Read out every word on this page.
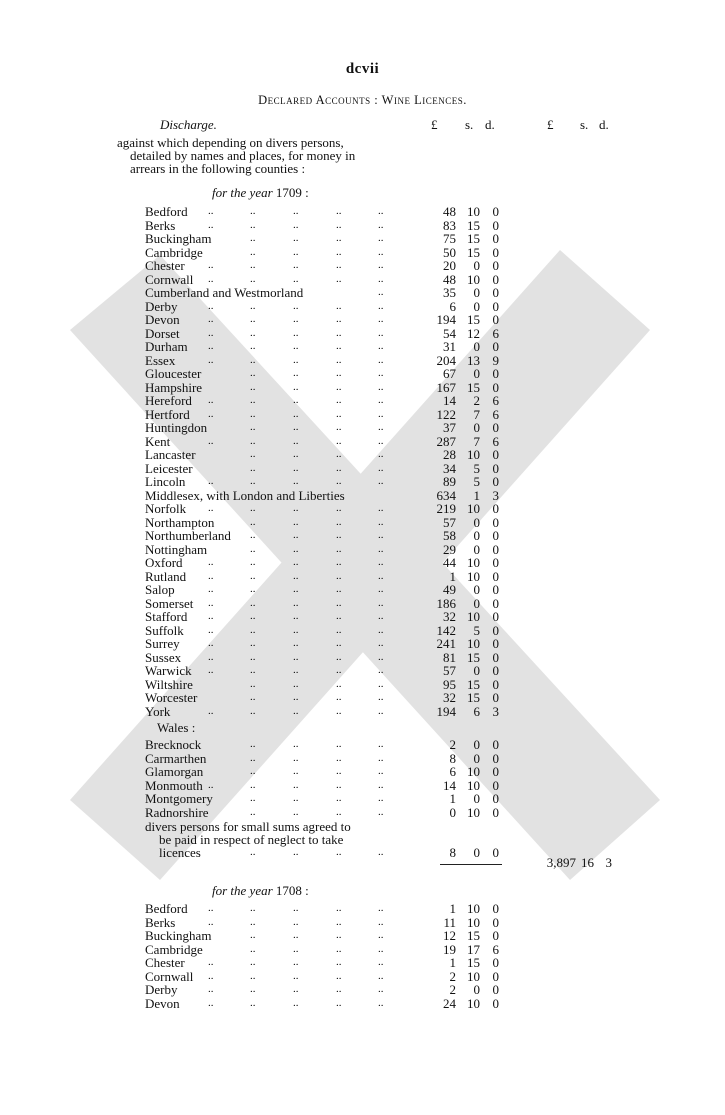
dcvii
Declared Accounts : Wine Licences.
Discharge.	£ s. d.	£ s. d.
against which depending on divers persons,
detailed by names and places, for money in
arrears in the following counties :
for the year 1709 :
Bedford ..	..	..	..	..	48 10 0
Berks	..	..	..	..	..	83 15 0
Buckingham	..	..	..	..	75 15 0
Cambridge	..	..	..	..	50 15 0
Chester ..	..	..	..	..	20	0 0
Cornwall ..	..	..	..	..	48 10 0
Cumberland and Westmorland	..	35	0 0
Derby	..	..	..	..	..	6	0 0
Devon	..	..	..	..	..	194 15 0
Dorset	..	..	..	..	..	54 12 6
Durham ..	..	..	..	..	31	0 0
Essex	..	..	..	..	..	204 13 9
Gloucester	..	..	..	..	67	0 0
Hampshire	..	..	..	..	167 15 0
Hereford ..	..	..	..	..	14	2 6
Hertford ..	..	..	..	..	122	7 6
Huntingdon	..	..	..	..	37	0 0
Kent	..	..	..	..	..	287	7 6
Lancaster	..	..	..	..	28 10 0
Leicester	..	..	..	..	34	5 0
Lincoln ..	..	..	..	..	89	5 0
Middlesex, with London and Liberties	634	1 3
Norfolk ..	..	..	..	..	219 10 0
Northampton	..	..	..	..	57	0 0
Northumberland ..	..	..	..	58	0 0
Nottingham	..	..	..	..	29	0 0
Oxford ..	..	..	..	..	44 10 0
Rutland ..	..	..	..	..	1 10 0
Salop	..	..	..	..	..	49	0 0
Somerset ..	..	..	..	..	186	0 0
Stafford ..	..	..	..	..	32 10 0
Suffolk ..	..	..	..	..	142	5 0
Surrey	..	..	..	..	..	241 10 0
Sussex ..	..	..	..	..	81 15 0
Warwick ..	..	..	..	..	57	0 0
Wiltshire	..	..	..	..	95 15 0
Worcester	..	..	..	..	32 15 0
York	..	..	..	..	..	194	6 3
Wales :
Brecknock	..	..	..	..	2	0 0
Carmarthen	..	..	..	..	8	0 0
Glamorgan	..	..	..	..	6 10 0
Monmouth ..	..	..	..	..	14 10 0
Montgomery	..	..	..	..	1	0 0
Radnorshire	..	..	..	..	0 10 0
divers persons for small sums agreed to
be paid in respect of neglect to take
licences	..	..	..	..	8	0 0
3,897 16 3
for the year 1708 :
Bedford ..	..	..	..	..	1 10 0
Berks	..	..	..	..	..	11 10 0
Buckingham	..	..	..	..	12 15 0
Cambridge	..	..	..	..	19 17 6
Chester ..	..	..	..	..	1 15 0
Cornwall ..	..	..	..	..	2 10 0
Derby	..	..	..	..	..	2	0 0
Devon	..	..	..	..	..	24 10 0
